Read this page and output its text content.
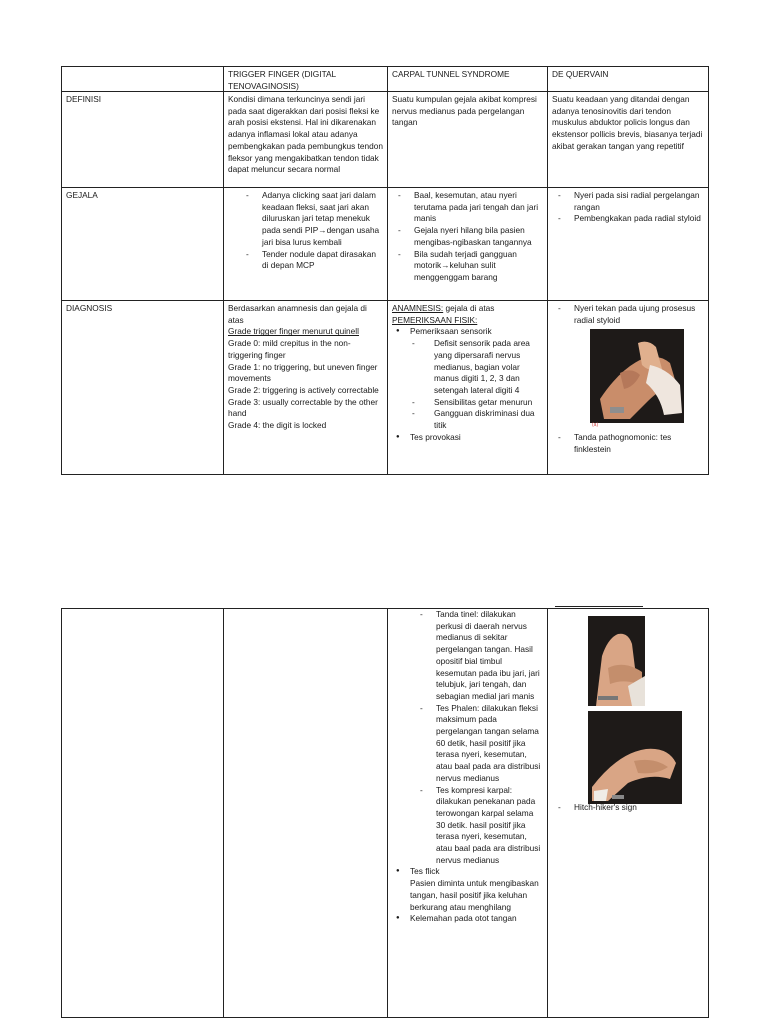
TRIGGER FINGER (DIGITAL TENOVAGINOSIS)
CARPAL TUNNEL SYNDROME	DE QUERVAIN
DEFINISI	Kondisi dimana terkuncinya sendi jari pada saat digerakkan dari posisi fleksi ke arah posisi ekstensi. Hal ini dikarenakan adanya inflamasi lokal atau adanya pembengkakan pada pembungkus tendon fleksor yang mengakibatkan tendon tidak dapat meluncur secara normal
Suatu kumpulan gejala akibat kompresi nervus medianus pada pergelangan tangan
Suatu keadaan yang ditandai dengan adanya tenosinovitis dari tendon muskulus abduktor policis longus dan ekstensor pollicis brevis, biasanya terjadi akibat gerakan tangan yang repetitif
GEJALA
-	Adanya clicking saat jari dalam keadaan fleksi, saat jari akan diluruskan jari tetap menekuk pada sendi PIP→dengan usaha jari bisa lurus kembali
- Tender nodule dapat dirasakan di depan MCP
- Baal, kesemutan, atau nyeri terutama pada jari tengah dan jari manis
- Gejala nyeri hilang bila pasien mengibas-ngibaskan tangannya
- Bila sudah terjadi gangguan motorik→keluhan sulit menggenggam barang
- Nyeri pada sisi radial pergelangan rangan
- Pembengkakan pada radial styloid
DIAGNOSIS	Berdasarkan anamnesis dan gejala di atas
Grade trigger finger menurut quinell
Grade 0: mild crepitus in the non-triggering finger
Grade 1: no triggering, but uneven finger movements
Grade 2: triggering is actively correctable
Grade 3: usually correctable by the other hand
Grade 4: the digit is locked
ANAMNESIS: gejala di atas
PEMERIKSAAN FISIK:
● Pemeriksaan sensorik
- Defisit sensorik pada area yang dipersarafi nervus medianus, bagian volar manus digiti 1, 2, 3 dan setengah lateral digiti 4
- Sensibilitas getar menurun
- Gangguan diskriminasi dua titik
● Tes provokasi
- Nyeri tekan pada ujung prosesus radial styloid
(a)
- Tanda pathognomonic: tes finklestein
- Tanda tinel: dilakukan perkusi di daerah nervus medianus di sekitar pergelangan tangan. Hasil opositif bial timbul kesemutan pada ibu jari, jari telubjuk, jari tengah, dan sebagian medial jari manis
- Tes Phalen: dilakukan fleksi maksimum pada pergelangan tangan selama 60 detik, hasil positif jika terasa nyeri, kesemutan, atau baal pada ara distribusi nervus medianus
- Tes kompresi karpal: dilakukan penekanan pada terowongan karpal selama 30 detik. hasil positif jika terasa nyeri, kesemutan, atau baal pada ara distribusi nervus medianus
● Tes flick
Pasien diminta untuk mengibaskan tangan, hasil positif jika keluhan berkurang atau menghilang
● Kelemahan pada otot tangan
- Hitch-hiker's sign
